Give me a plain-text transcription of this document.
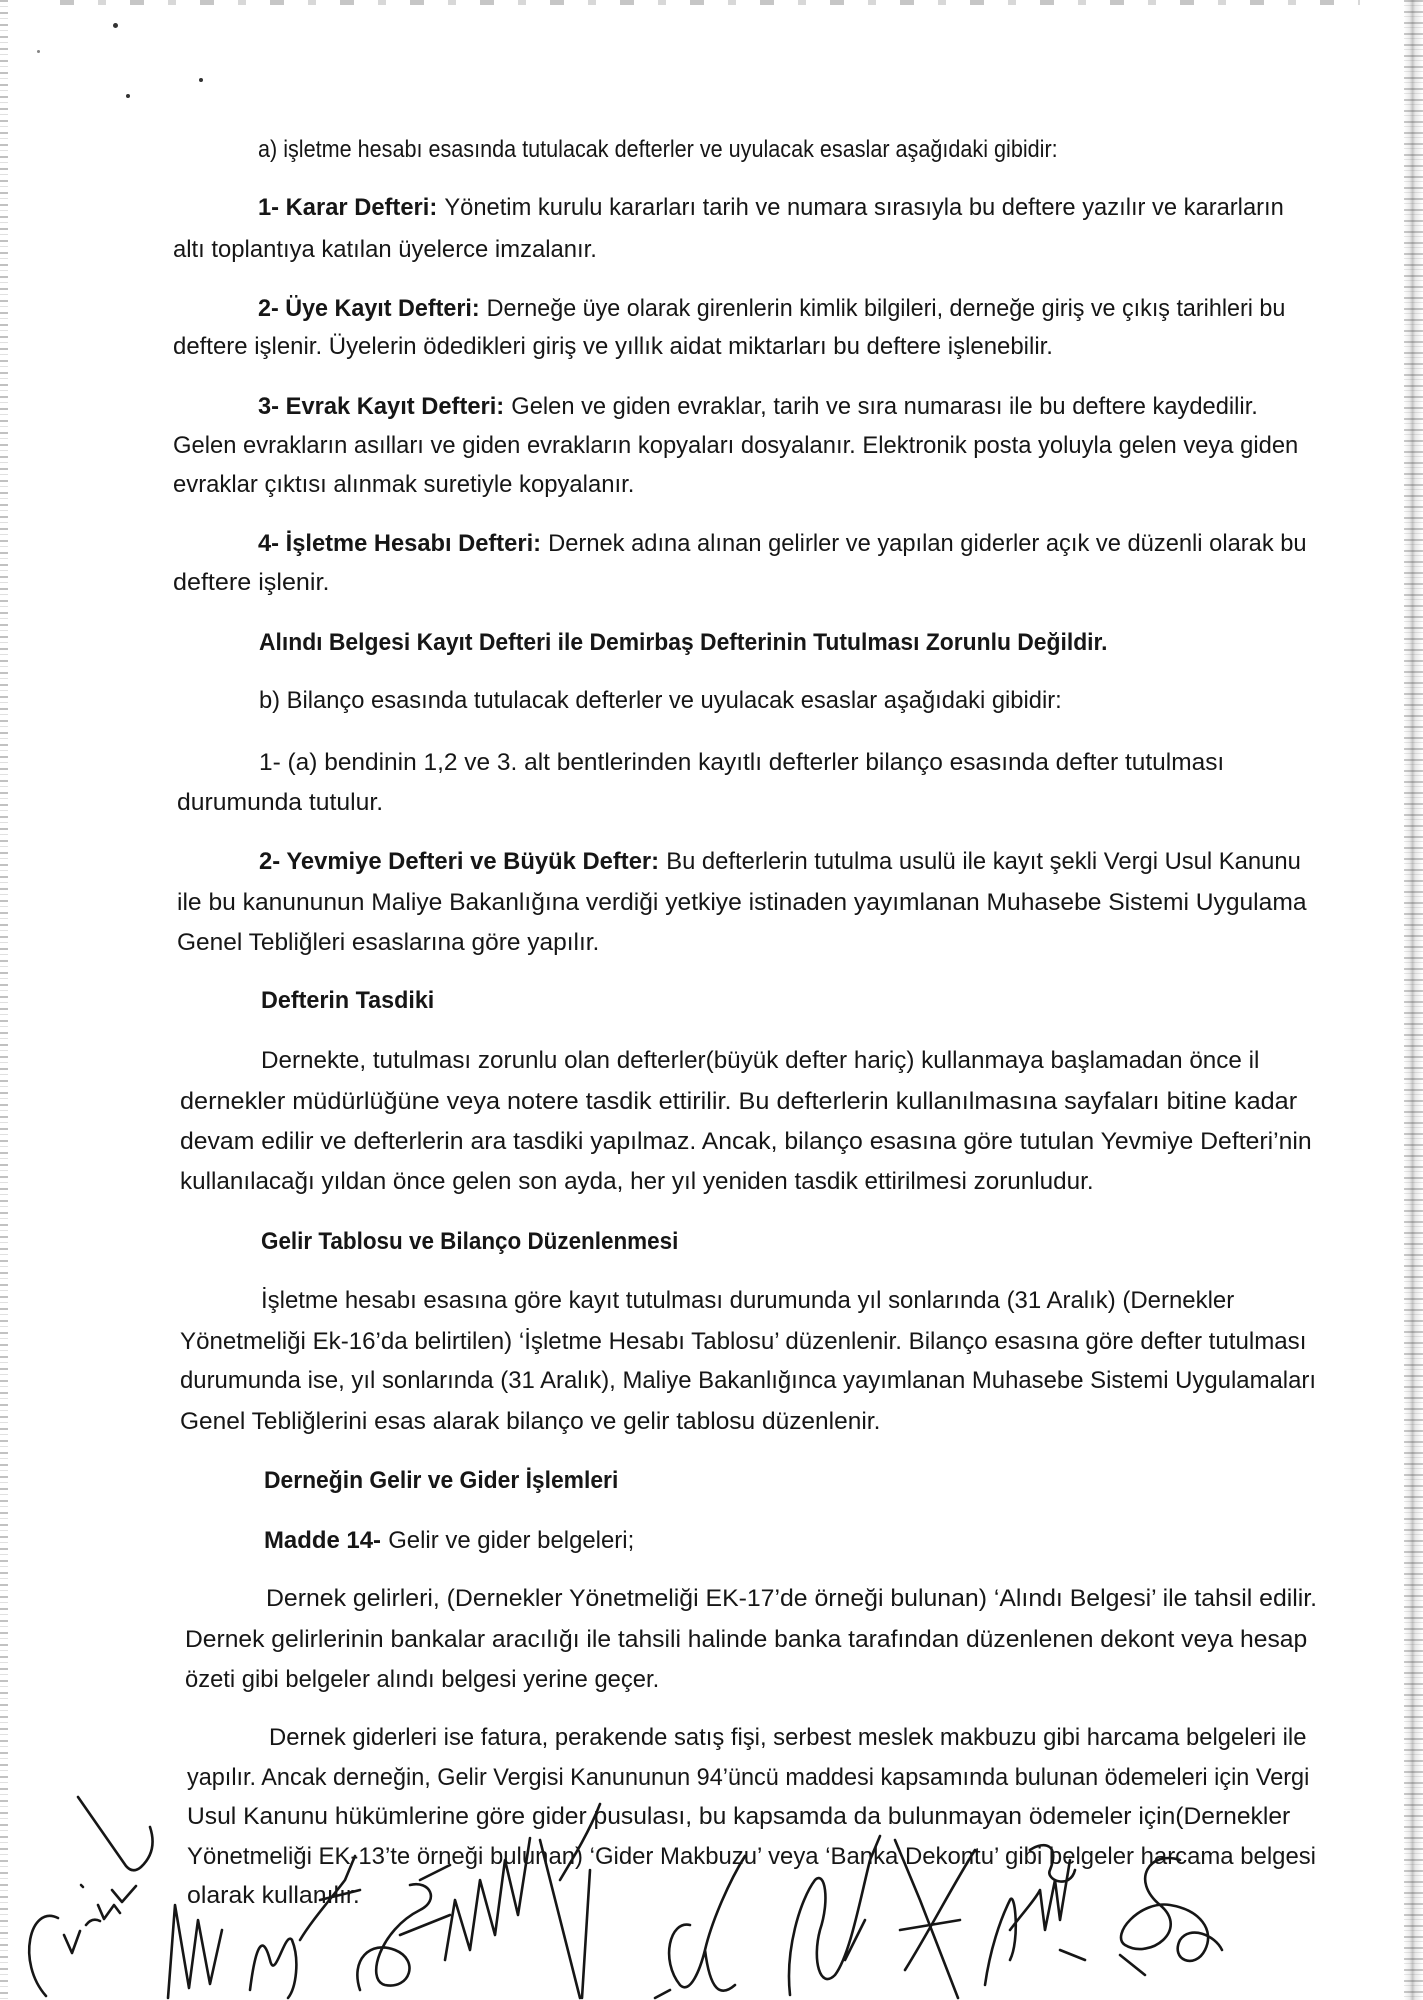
a) işletme hesabı esasında tutulacak defterler ve uyulacak esaslar aşağıdaki gibidir:
1- Karar Defteri: Yönetim kurulu kararları tarih ve numara sırasıyla bu deftere yazılır ve kararların
altı toplantıya katılan üyelerce imzalanır.
2- Üye Kayıt Defteri: Derneğe üye olarak girenlerin kimlik bilgileri, derneğe giriş ve çıkış tarihleri bu
deftere işlenir. Üyelerin ödedikleri giriş ve yıllık aidat miktarları bu deftere işlenebilir.
3- Evrak Kayıt Defteri: Gelen ve giden evraklar, tarih ve sıra numarası ile bu deftere kaydedilir.
Gelen evrakların asılları ve giden evrakların kopyaları dosyalanır. Elektronik posta yoluyla gelen veya giden
evraklar çıktısı alınmak suretiyle kopyalanır.
4- İşletme Hesabı Defteri: Dernek adına alınan gelirler ve yapılan giderler açık ve düzenli olarak bu
deftere işlenir.
Alındı Belgesi Kayıt Defteri ile Demirbaş Defterinin Tutulması Zorunlu Değildir.
b) Bilanço esasında tutulacak defterler ve uyulacak esaslar aşağıdaki gibidir:
1- (a) bendinin 1,2 ve 3. alt bentlerinden kayıtlı defterler bilanço esasında defter tutulması
durumunda tutulur.
2- Yevmiye Defteri ve Büyük Defter: Bu defterlerin tutulma usulü ile kayıt şekli Vergi Usul Kanunu
ile bu kanununun Maliye Bakanlığına verdiği yetkiye istinaden yayımlanan Muhasebe Sistemi Uygulama
Genel Tebliğleri esaslarına göre yapılır.
Defterin Tasdiki
Dernekte, tutulması zorunlu olan defterler(büyük defter hariç) kullanmaya başlamadan önce il
dernekler müdürlüğüne veya notere tasdik ettirilir. Bu defterlerin kullanılmasına sayfaları bitine kadar
devam edilir ve defterlerin ara tasdiki yapılmaz. Ancak, bilanço esasına göre tutulan Yevmiye Defteri’nin
kullanılacağı yıldan önce gelen son ayda, her yıl yeniden tasdik ettirilmesi zorunludur.
Gelir Tablosu ve Bilanço Düzenlenmesi
İşletme hesabı esasına göre kayıt tutulması durumunda yıl sonlarında (31 Aralık) (Dernekler
Yönetmeliği Ek-16’da belirtilen) ‘İşletme Hesabı Tablosu’ düzenlenir. Bilanço esasına göre defter tutulması
durumunda ise, yıl sonlarında (31 Aralık), Maliye Bakanlığınca yayımlanan Muhasebe Sistemi Uygulamaları
Genel Tebliğlerini esas alarak bilanço ve gelir tablosu düzenlenir.
Derneğin Gelir ve Gider İşlemleri
Madde 14- Gelir ve gider belgeleri;
Dernek gelirleri, (Dernekler Yönetmeliği EK-17’de örneği bulunan) ‘Alındı Belgesi’ ile tahsil edilir.
Dernek gelirlerinin bankalar aracılığı ile tahsili halinde banka tarafından düzenlenen dekont veya hesap
özeti gibi belgeler alındı belgesi yerine geçer.
Dernek giderleri ise fatura, perakende satış fişi, serbest meslek makbuzu gibi harcama belgeleri ile
yapılır. Ancak derneğin, Gelir Vergisi Kanununun 94’üncü maddesi kapsamında bulunan ödemeleri için Vergi
Usul Kanunu hükümlerine göre gider pusulası, bu kapsamda da bulunmayan ödemeler için(Dernekler
Yönetmeliği EK-13’te örneği bulunan) ‘Gider Makbuzu’ veya ‘Banka Dekontu’ gibi belgeler harcama belgesi
olarak kullanılır.
